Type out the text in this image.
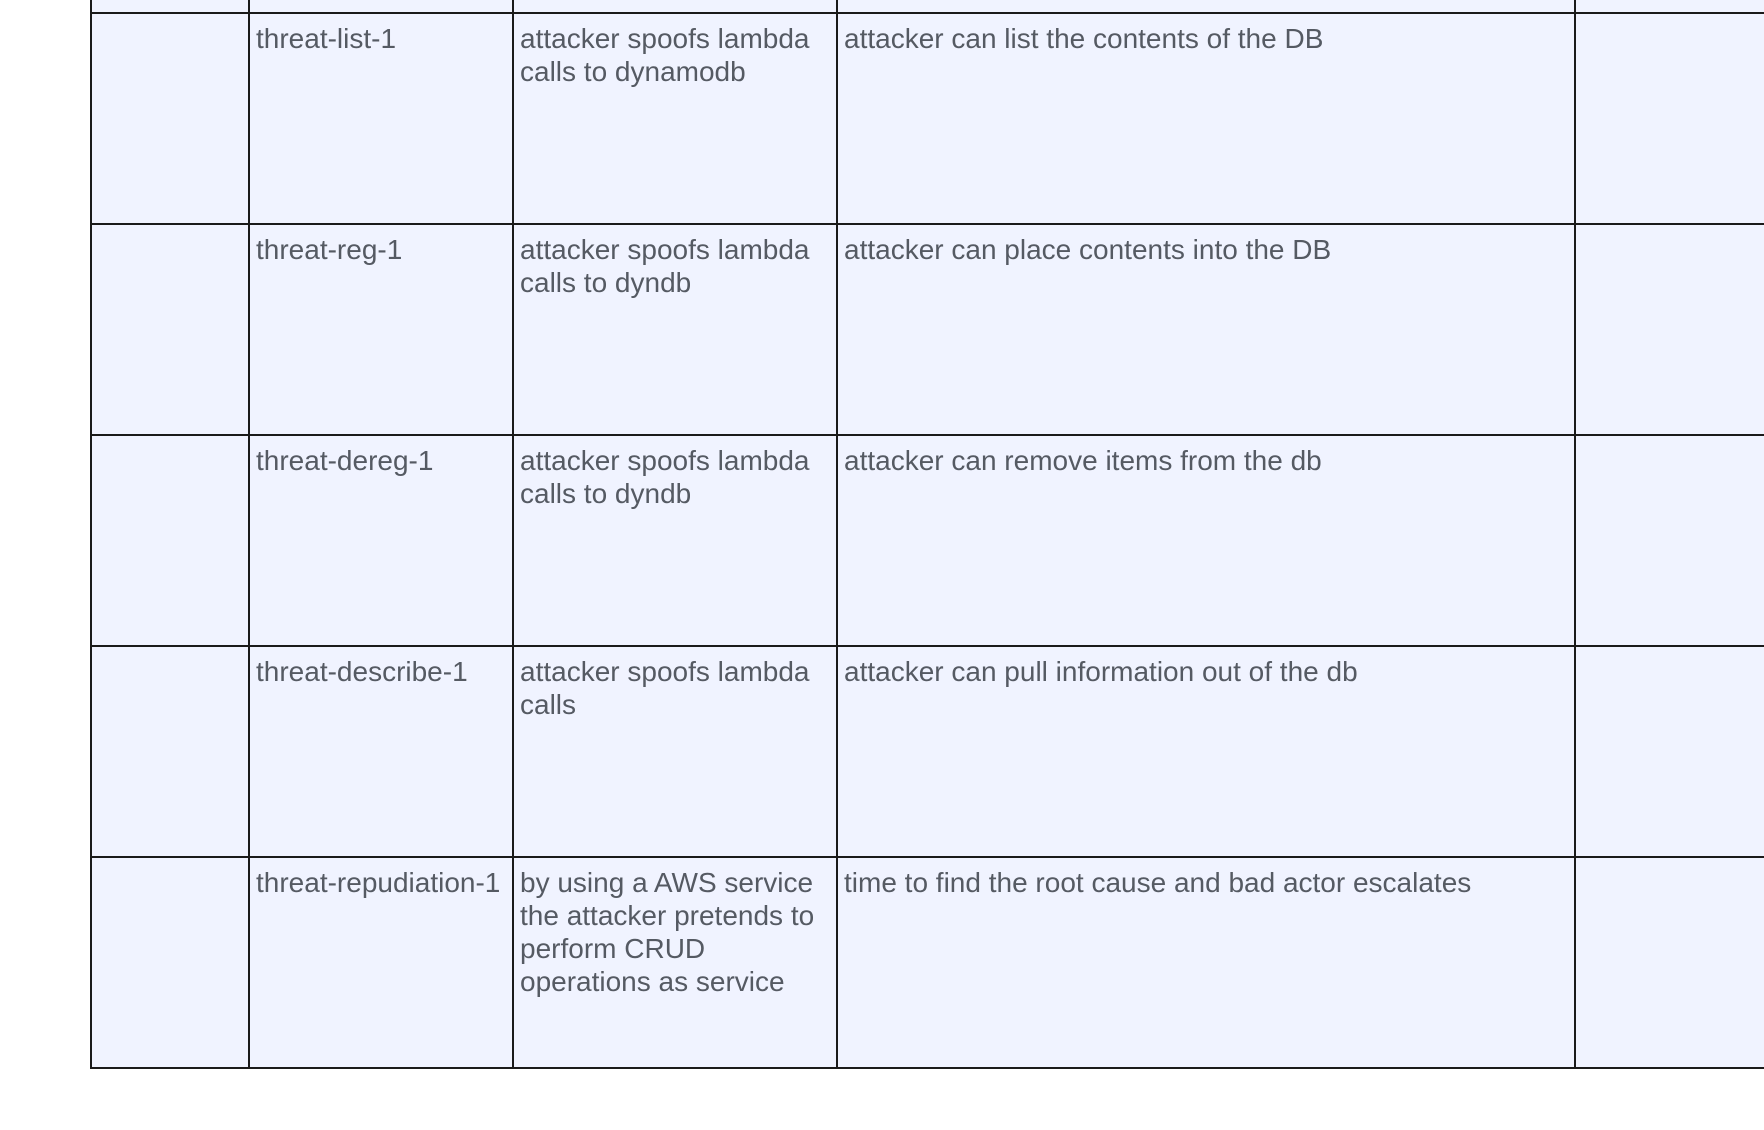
	threat-list-1	attacker spoofs lambda calls to dynamodb	attacker can list the contents of the DB	
	threat-reg-1	attacker spoofs lambda calls to dyndb	attacker can place contents into the DB	
	threat-dereg-1	attacker spoofs lambda calls to dyndb	attacker can remove items from the db	
	threat-describe-1	attacker spoofs lambda calls	attacker can pull information out of the db	
	threat-repudiation-1	by using a AWS service the attacker pretends to perform CRUD operations as service	time to find the root cause and bad actor escalates	
